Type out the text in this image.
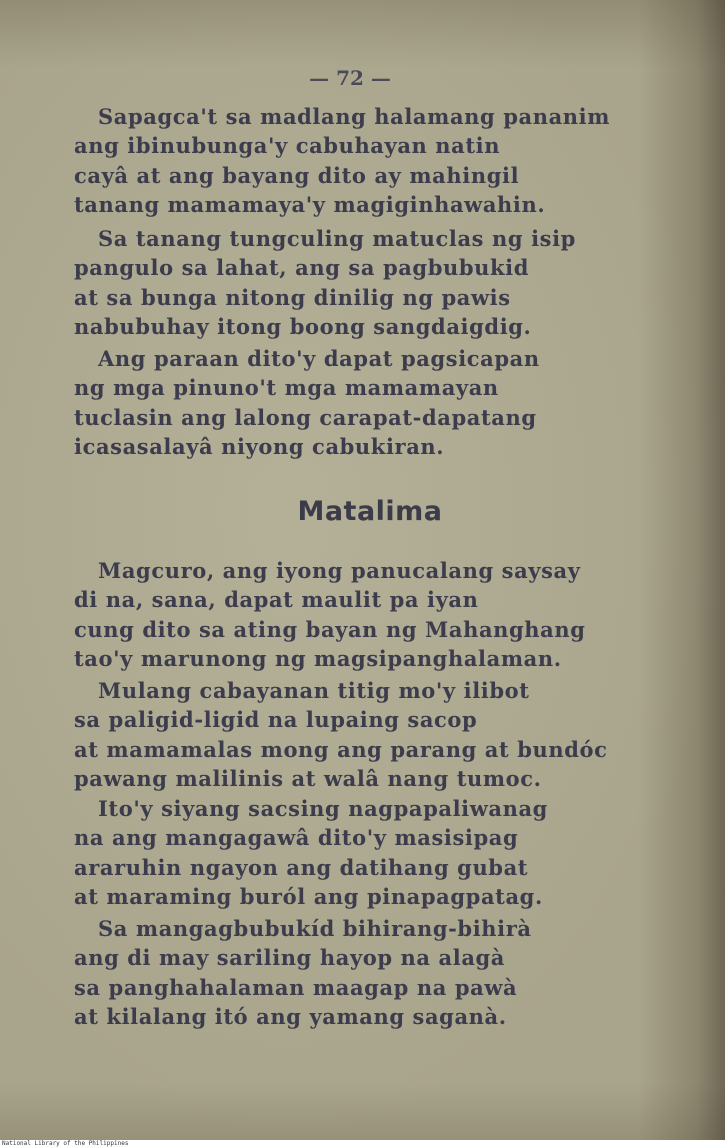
— 72 —
Sapagca't sa madlang halamang pananim
ang ibinubunga'y cabuhayan natin
cayâ at ang bayang dito ay mahingil
tanang mamamaya'y magiginhawahin.
Sa tanang tungculing matuclas ng isip
pangulo sa lahat, ang sa pagbubukid
at sa bunga nitong dinilig ng pawis
nabubuhay itong boong sangdaigdig.
Ang paraan dito'y dapat pagsicapan
ng mga pinuno't mga mamamayan
tuclasin ang lalong carapat-dapatang
icasasalayâ niyong cabukiran.
Matalima
Magcuro, ang iyong panucalang saysay
di na, sana, dapat maulit pa iyan
cung dito sa ating bayan ng Mahanghang
tao'y marunong ng magsipanghalaman.
Mulang cabayanan titig mo'y ilibot
sa paligid-ligid na lupaing sacop
at mamamalas mong ang parang at bundóc
pawang malilinis at walâ nang tumoc.
Ito'y siyang sacsing nagpapaliwanag
na ang mangagawâ dito'y masisipag
araruhin ngayon ang datihang gubat
at maraming buról ang pinapagpatag.
Sa mangagbubukíd bihirang-bihirà
ang di may sariling hayop na alagà
sa panghahalaman maagap na pawà
at kilalang itó ang yamang saganà.
National Library of the Philippines
